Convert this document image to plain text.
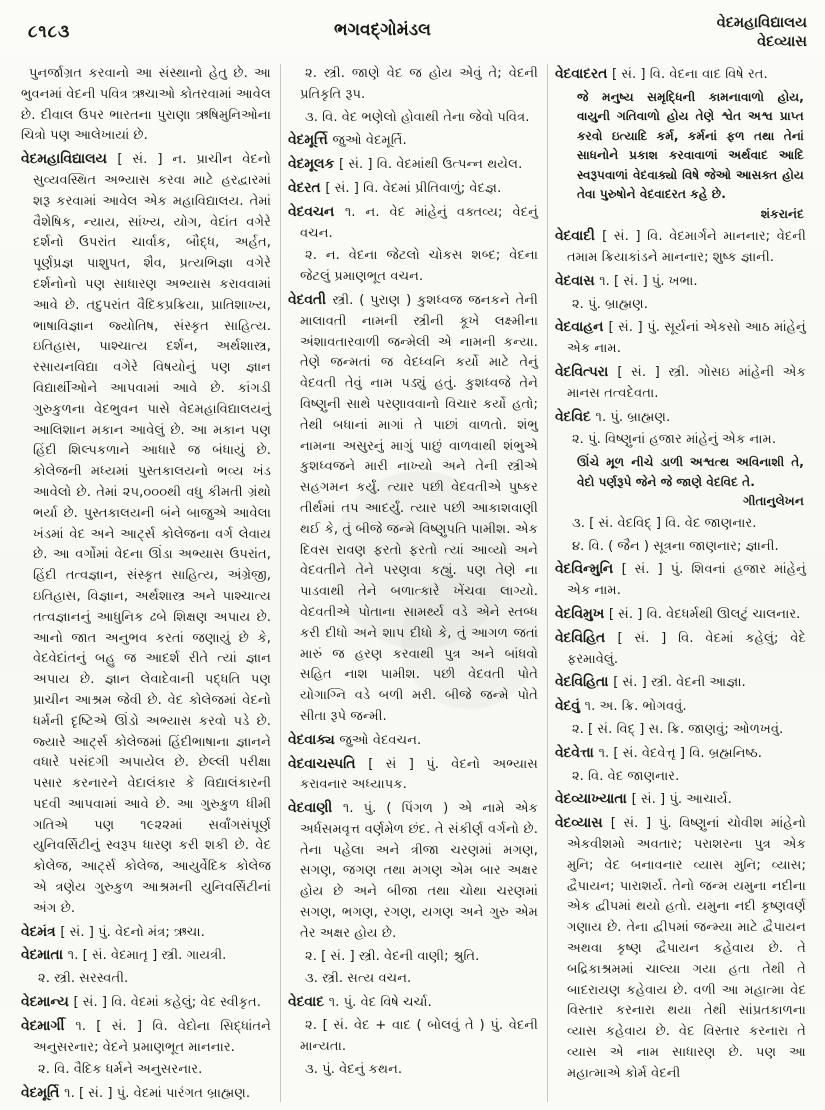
૮૧૮૩	ભગવદ્ગોમંડલ	વેદમહાવિદ્યાલય
વેદવ્યાસ
પુનર્જાગ્રત કરવાનો આ સંસ્થાનો હેતુ છે. આ ભુવનમાં વેદની પવિત્ર ઋચાઓ કોતરવામાં આવેલ છે. દીવાલ ઉપર ભારતના પુરાણા ઋષિમુનિઓના ચિત્રો પણ આલેખાયાં છે.
વેદમહાવિદ્યાલય [ સં. ] ન. પ્રાચીન વેદનો સુવ્યવસ્થિત અભ્યાસ કરવા માટે હરદ્વારમાં શરૂ કરવામાં આવેલ એક મહાવિદ્યાલય. તેમાં વૈશેષિક, ન્યાય, સાંખ્ય, યોગ, વેદાંત વગેરે દર્શનો ઉપરાંત ચાર્વાક, બૌદ્ધ, અર્હત, પૂર્ણપ્રજ્ઞ પાશુપત, શૈવ, પ્રત્યભિજ્ઞા વગેરે દર્શનોનો પણ સાધારણ અભ્યાસ કરાવવામાં આવે છે. તદુપરાંત વૈદિકપ્રક્રિયા, પ્રાતિશાખ્ય, ભાષાવિજ્ઞાન જ્યોતિષ, સંસ્કૃત સાહિત્ય. ઇતિહાસ, પાશ્ચાત્ય દર્શન, અર્થશાસ્ત્ર, રસાયનવિદ્યા વગેરે વિષયોનું પણ જ્ઞાન વિદ્યાર્થીઓને આપવામાં આવે છે. કાંગડી ગુરુકુળના વેદભુવન પાસે વેદમહાવિદ્યાલયનું આલિશાન મકાન આવેલું છે. આ મકાન પણ હિંદી શિલ્પકળાને આધારે જ બંધાયું છે. કોલેજની મધ્યમાં પુસ્તકાલયનો ભવ્ય ખંડ આવેલો છે. તેમાં ૨૫,૦૦૦થી વધુ કીમતી ગ્રંથો ભર્યા છે. પુસ્તકાલયની બંને બાજુએ આવેલા ખંડમાં વેદ અને આર્ટ્સ કોલેજના વર્ગ લેવાય છે. આ વર્ગોમાં વેદના ઊંડા અભ્યાસ ઉપરાંત, હિંદી તત્વજ્ઞાન, સંસ્કૃત સાહિત્ય, અંગ્રેજી, ઇતિહાસ, વિજ્ઞાન, અર્થશાસ્ત્ર અને પાશ્ચાત્ય તત્વજ્ઞાનનું આધુનિક ઢબે શિક્ષણ અપાય છે. આનો જાત અનુભવ કરતાં જણાયું છે કે, વેદવેદાંતનું બહુ જ આદર્શ રીતે ત્યાં જ્ઞાન અપાય છે. જ્ઞાન લેવાદેવાની પદ્ધતિ પણ પ્રાચીન આશ્રમ જેવી છે. વેદ કોલેજમાં વેદનો ધર્મની દૃષ્ટિએ ઊંડો અભ્યાસ કરવો પડે છે. જ્યારે આર્ટ્સ કોલેજમાં હિંદીભાષાના જ્ઞાનને વધારે પસંદગી અપાયેલ છે. છેલ્લી પરીક્ષા પસાર કરનારને વેદાલંકાર કે વિદ્યાલંકારની પદવી આપવામાં આવે છે. આ ગુરુકુળ ધીમી ગતિએ પણ ૧૯૨૨માં સર્વાંગસંપૂર્ણ યુનિવર્સિટીનું સ્વરૂપ ધારણ કરી શકી છે. વેદ કોલેજ, આર્ટ્સ કોલેજ, આયુર્વેદિક કોલેજ એ ત્રણેય ગુરુકુળ આશ્રમની યુનિવર્સિટીનાં અંગ છે.
વેદમંત્ર [ સં. ] પું. વેદનો મંત્ર; ઋચા.
વેદમાતા ૧. [ સં. વેદમાતૃ ] સ્ત્રી. ગાયત્રી.
૨. સ્ત્રી. સરસ્વતી.
વેદમાન્ય [ સં. ] વિ. વેદમાં કહેલું; વેદ સ્વીકૃત.
વેદમાર્ગી ૧. [ સં. ] વિ. વેદોના સિદ્ધાંતને અનુસરનાર; વેદને પ્રમાણભૂત માનનાર.
૨. વિ. વૈદિક ધર્મને અનુસરનાર.
વેદમૂર્તિ ૧. [ સં. ] પું. વેદમાં પારંગત બ્રાહ્મણ.
૨. સ્ત્રી. જાણે વેદ જ હોય એવું તે; વેદની પ્રતિકૃતિ રૂપ.
૩. વિ. વેદ ભણેલો હોવાથી તેના જેવો પવિત્ર.
વેદમૂર્ત્તિ જુઓ વેદમૂર્તિ.
વેદમૂલક [ સં. ] વિ. વેદમાંથી ઉત્પન્ન થયેલ.
વેદરત [ સં. ] વિ. વેદમાં પ્રીતિવાળું; વેદજ્ઞ.
વેદવચન ૧. ન. વેદ માંહેનું વક્તવ્ય; વેદનું વચન.
૨. ન. વેદના જેટલો ચોકસ શબ્દ; વેદના જેટલું પ્રમાણભૂત વચન.
વેદવતી સ્ત્રી. ( પુરાણ ) કુશધ્વજ જનકને તેની માલાવતી નામની સ્ત્રીની કૂખે લક્ષ્મીના અંશાવતારવાળી જન્મેલી એ નામની કન્યા. તેણે જન્મતાં જ વેદધ્વનિ કર્યો માટે તેનું વેદવતી તેવું નામ પડ્યું હતું. કુશધ્વજે તેને વિષ્ણુની સાથે પરણાવવાનો વિચાર કર્યો હતો; તેથી બધાનાં માગાં તે પાછાં વાળતો. શંભુ નામના અસુરનું માગું પાછું વાળવાથી શંભુએ કુશધ્વજને મારી નાખ્યો અને તેની સ્ત્રીએ સહગમન કર્યું. ત્યાર પછી વેદવતીએ પુષ્કર તીર્થમાં તપ આદર્યું. ત્યાર પછી આકાશવાણી થઈ કે, તું બીજે જન્મે વિષ્ણુપતિ પામીશ. એક દિવસ રાવણ ફરતો ફરતો ત્યાં આવ્યો અને વેદવતીને તેને પરણવા કહ્યું. પણ તેણે ના પાડવાથી તેને બળાત્કારે ખેંચવા લાગ્યો. વેદવતીએ પોતાના સામર્થ્ય વડે એને સ્તબ્ધ કરી દીધો અને શાપ દીધો કે, તું આગળ જતાં મારું જ હરણ કરવાથી પુત્ર અને બાંધવો સહિત નાશ પામીશ. પછી વેદવતી પોતે યોગાગ્નિ વડે બળી મરી. બીજે જન્મે પોતે સીતા રૂપે જન્મી.
વેદવાક્ય જુઓ વેદવચન.
વેદવાચસ્પતિ [ સં ] પું. વેદનો અભ્યાસ કરાવનાર અધ્યાપક.
વેદવાણી ૧. પું. ( પિંગળ ) એ નામે એક અર્ધસમવૃત્ત વર્ણમેળ છંદ. તે સંકીર્ણ વર્ગનો છે. તેના પહેલા અને ત્રીજા ચરણમાં મગણ, સગણ, જગણ તથા મગણ એમ બાર અક્ષર હોય છે અને બીજા તથા ચોથા ચરણમાં સગણ, ભગણ, રગણ, યગણ અને ગુરુ એમ તેર અક્ષર હોય છે.
૨. [ સં. ] સ્ત્રી. વેદની વાણી; શ્રુતિ.
૩. સ્ત્રી. સત્ય વચન.
વેદવાદ ૧. પું. વેદ વિષે ચર્ચા.
૨. [ સં. વેદ + વાદ ( બોલવું તે ) પું. વેદની માન્યતા.
૩. પું. વેદનું કથન.
વેદવાદરત [ સં. ] વિ. વેદના વાદ વિષે રત.
જે મનુષ્ય સમૃદ્ધિની કામનાવાળો હોય, વાયુની ગતિવાળો હોય તેણે શ્વેત અશ્વ પ્રાપ્ત કરવો ઇત્યાદિ કર્મ, કર્મનાં ફળ તથા તેનાં સાધનોને પ્રકાશ કરવાવાળાં અર્થવાદ આદિ સ્વરૂપવાળાં વેદવાક્યો વિષે જેઓ આસક્ત હોય તેવા પુરુષોને વેદવાદરત કહે છે.
શંકરાનંદ
વેદવાદી [ સં. ] વિ. વેદમાર્ગને માનનાર; વેદની તમામ ક્રિયાકાંડને માનનાર; શુષ્ક જ્ઞાની.
વેદવાસ ૧. [ સં. ] પું. ખભા.
૨. પું. બ્રાહ્મણ.
વેદવાહન [ સં. ] પું. સૂર્યનાં એકસો આઠ માંહેનું એક નામ.
વેદવિત્પરા [ સં. ] સ્ત્રી. ગોસઇ માંહેની એક માનસ તત્વદેવતા.
વેદવિદ ૧. પું. બ્રાહ્મણ.
૨. પું. વિષ્ણુનાં હજાર માંહેનું એક નામ.
ઊંચે મૂળ નીચે ડાળી અશ્વત્થ અવિનાશી તે, વેદો પર્ણરૂપે જેને જે જાણે વેદવિદ તે.
ગીતાનુલેખન
૩. [ સં. વેદવિદ્ ] વિ. વેદ જાણનાર.
૪. વિ. ( જૈન ) સૂત્રના જાણનાર; જ્ઞાની.
વેદવિન્મુનિ [ સં. ] પું. શિવનાં હજાર માંહેનું એક નામ.
વેદવિમુખ [ સં. ] વિ. વેદધર્મથી ઊલટું ચાલનાર.
વેદવિહિત [ સં. ] વિ. વેદમાં કહેલું; વેદે ફરમાવેલું.
વેદવિહિતા [ સં. ] સ્ત્રી. વેદની આજ્ઞા.
વેદવું ૧. અ. ક્રિ. ભોગવવું.
૨. [ સં. વિદ્ ] સ. ક્રિ. જાણવું; ઓળખવું.
વેદવેત્તા ૧. [ સં. વેદવેત્તૃ ] વિ. બ્રહ્મનિષ્ઠ.
૨. વિ. વેદ જાણનાર.
વેદવ્યાખ્યાતા [ સં. ] પું. આચાર્ય.
વેદવ્યાસ [ સં. ] પું. વિષ્ણુનાં ચોવીશ માંહેનો એકવીશમો અવતાર; પરાશરના પુત્ર એક મુનિ; વેદ બનાવનાર વ્યાસ મુનિ; વ્યાસ; દ્વૈપાયન; પારાશર્ય. તેનો જન્મ યમુના નદીના એક દ્વીપમાં થયો હતો. યમુના નદી કૃષ્ણવર્ણ ગણાય છે. તેના દ્વીપમાં જન્મ્યા માટે દ્વૈપાયન અથવા કૃષ્ણ દ્વૈપાયન કહેવાય છે. તે બદ્રિકાશ્રમમાં ચાલ્યા ગયા હતા તેથી તે બાદરાયણ કહેવાય છે. વળી આ મહાત્મા વેદ વિસ્તાર કરનારા થયા તેથી સાંપ્રતકાળના વ્યાસ કહેવાય છે. વેદ વિસ્તાર કરનારા તે વ્યાસ એ નામ સાધારણ છે. પણ આ મહાત્માએ કોર્મ વેદની
